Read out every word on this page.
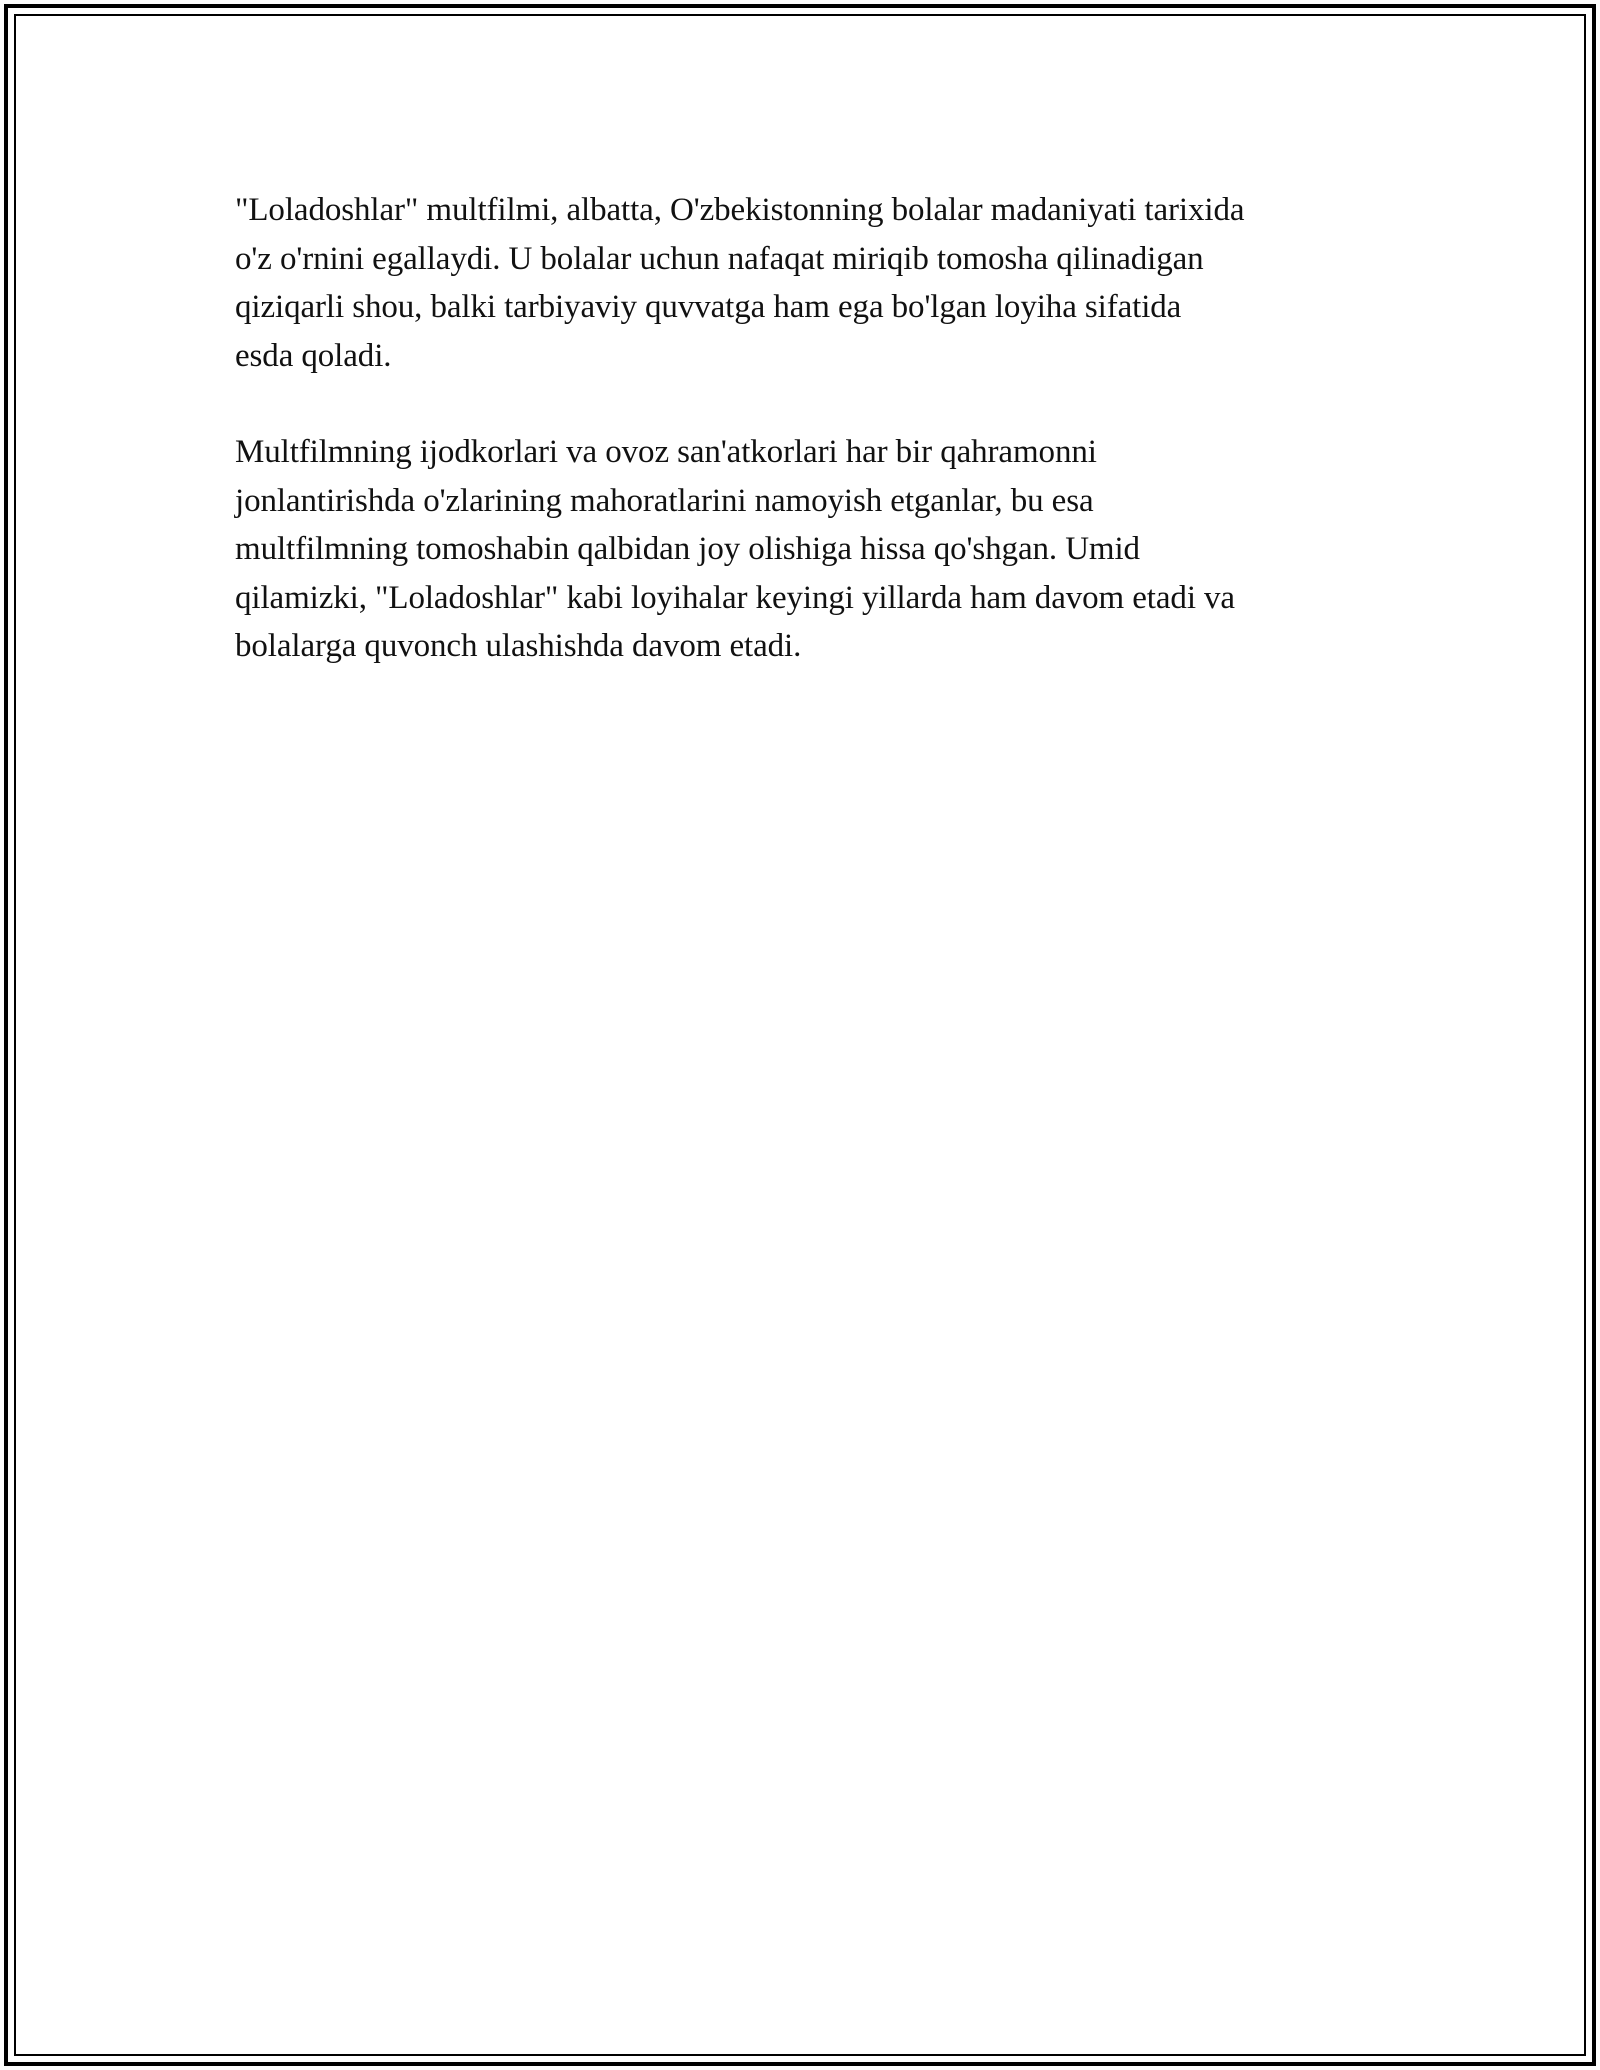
"Loladoshlar" multfilmi, albatta, O'zbekistonning bolalar madaniyati tarixida
o'z o'rnini egallaydi. U bolalar uchun nafaqat miriqib tomosha qilinadigan
qiziqarli shou, balki tarbiyaviy quvvatga ham ega bo'lgan loyiha sifatida
esda qoladi.

Multfilmning ijodkorlari va ovoz san'atkorlari har bir qahramonni
jonlantirishda o'zlarining mahoratlarini namoyish etganlar, bu esa
multfilmning tomoshabin qalbidan joy olishiga hissa qo'shgan. Umid
qilamizki, "Loladoshlar" kabi loyihalar keyingi yillarda ham davom etadi va
bolalarga quvonch ulashishda davom etadi.
